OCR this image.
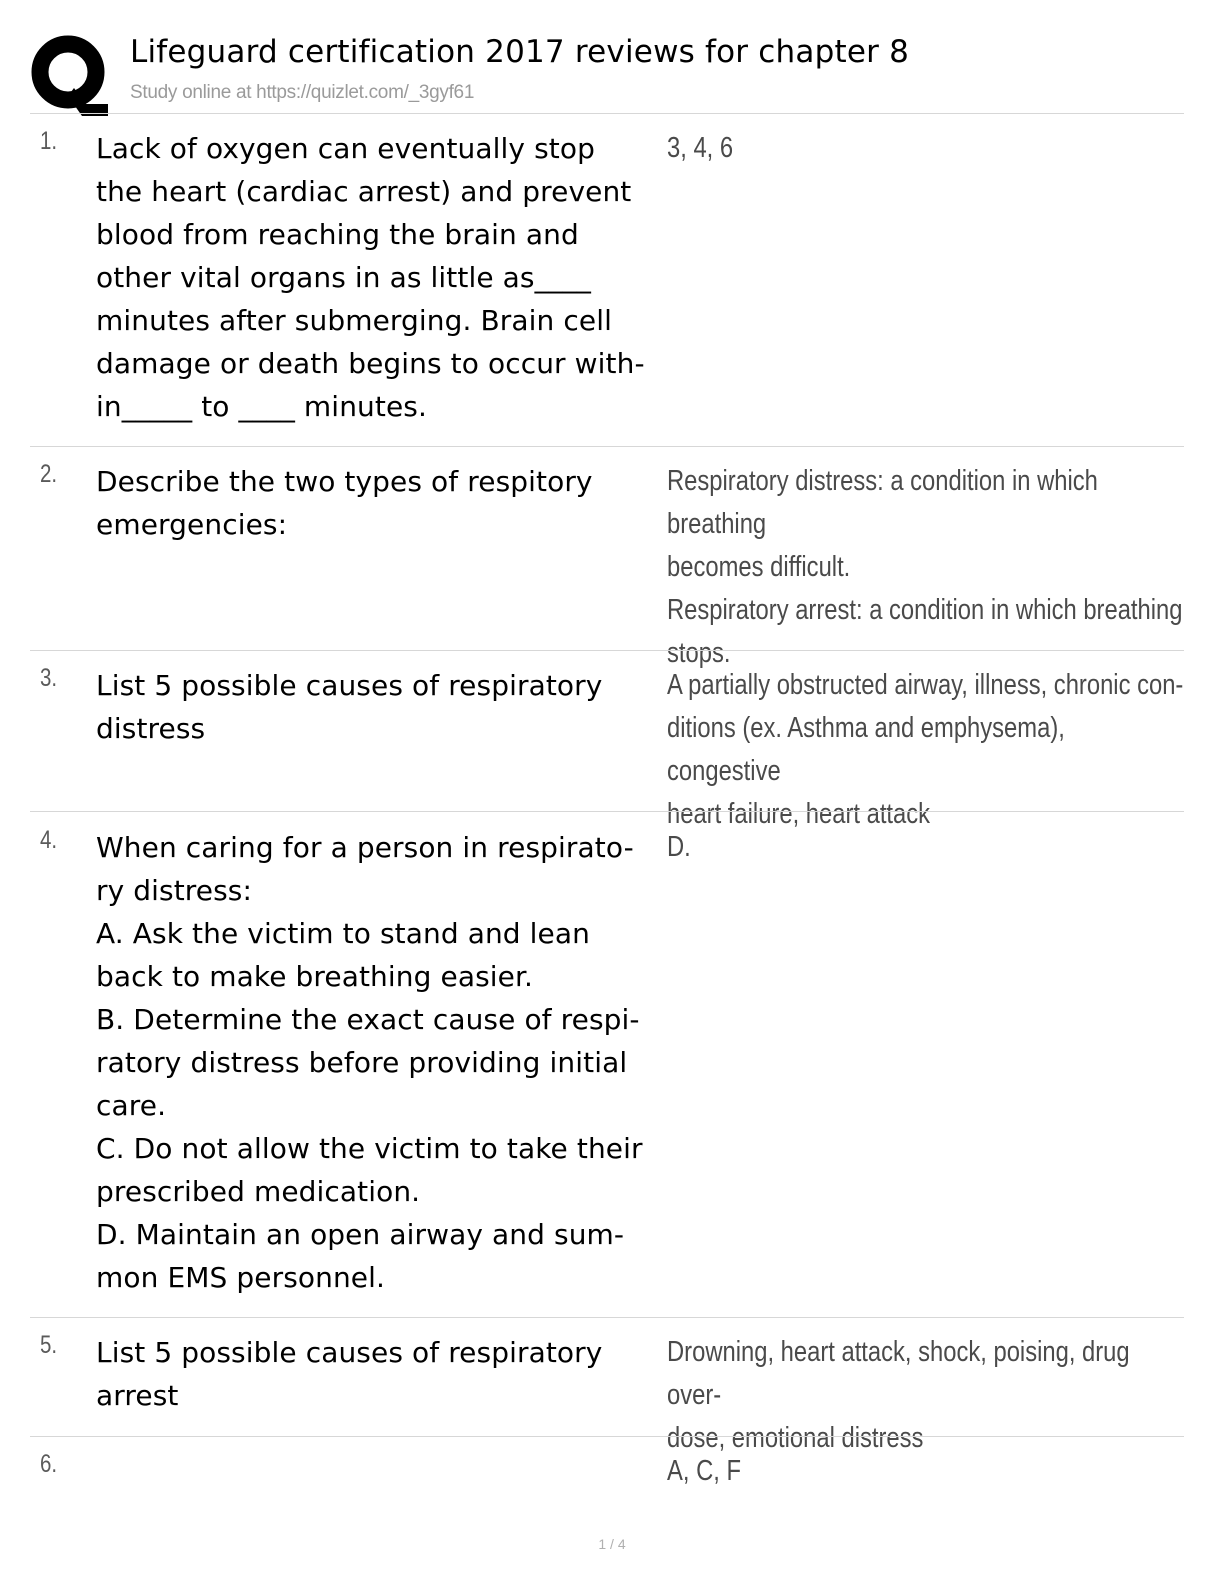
Lifeguard certification 2017 reviews for chapter 8
Study online at https://quizlet.com/_3gyf61
1. Lack of oxygen can eventually stop
the heart (cardiac arrest) and prevent
blood from reaching the brain and
other vital organs in as little as____
minutes after submerging. Brain cell
damage or death begins to occur with-
in_____ to ____ minutes.
3, 4, 6
2. Describe the two types of respitory
emergencies:
Respiratory distress: a condition in which breathing
becomes difficult.
Respiratory arrest: a condition in which breathing
stops.
3. List 5 possible causes of respiratory
distress
A partially obstructed airway, illness, chronic con-
ditions (ex. Asthma and emphysema), congestive
heart failure, heart attack
4. When caring for a person in respirato-
ry distress:
A. Ask the victim to stand and lean
back to make breathing easier.
B. Determine the exact cause of respi-
ratory distress before providing initial
care.
C. Do not allow the victim to take their
prescribed medication.
D. Maintain an open airway and sum-
mon EMS personnel.
D.
5. List 5 possible causes of respiratory
arrest
Drowning, heart attack, shock, poising, drug over-
dose, emotional distress
6.	A, C, F
1 / 4
